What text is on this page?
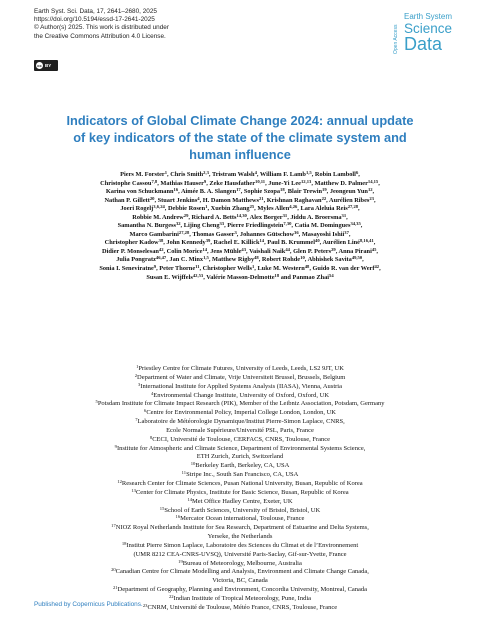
Earth Syst. Sci. Data, 17, 2641–2680, 2025
https://doi.org/10.5194/essd-17-2641-2025
© Author(s) 2025. This work is distributed under
the Creative Commons Attribution 4.0 License.
cc BY
Open Access
Earth System
Science
Data
Indicators of Global Climate Change 2024: annual update
of key indicators of the state of the climate system and
human influence
Piers M. Forster$^1$, Chris Smith$^{2,3}$, Tristram Walsh$^4$, William F. Lamb$^{1,5}$, Robin Lamboll$^6$,
Christophe Cassou$^{7,8}$, Mathias Hauser$^9$, Zeke Hausfather$^{10,11}$, June-Yi Lee$^{12,13}$, Matthew D. Palmer$^{14,15}$,
Karina von Schuckmann$^{16}$, Aimée B. A. Slangen$^{17}$, Sophie Szopa$^{18}$, Blair Trewin$^{19}$, Jeongeun Yun$^{12}$,
Nathan P. Gillett$^{20}$, Stuart Jenkins$^4$, H. Damon Matthews$^{21}$, Krishnan Raghavan$^{22}$, Aurélien Ribes$^{23}$,
Joeri Rogelj$^{3,6,24}$, Debbie Rosen$^1$, Xuebin Zhang$^{25}$, Myles Allen$^{4,26}$, Lara Aleluia Reis$^{27,28}$,
Robbie M. Andrew$^{29}$, Richard A. Betts$^{14,30}$, Alex Borger$^{31}$, Jiddu A. Broersma$^{31}$,
Samantha N. Burgess$^{32}$, Lijing Cheng$^{33}$, Pierre Friedlingstein$^{7,30}$, Catia M. Domingues$^{34,35}$,
Marco Gambarini$^{27,28}$, Thomas Gasser$^3$, Johannes Gütschow$^{36}$, Masayoshi Ishii$^{37}$,
Christopher Kadow$^{38}$, John Kennedy$^{39}$, Rachel E. Killick$^{14}$, Paul B. Krummel$^{40}$, Aurélien Liné$^{8,16,41}$,
Didier P. Monselesan$^{42}$, Colin Morice$^{14}$, Jens Mühle$^{43}$, Vaishali Naik$^{44}$, Glen P. Peters$^{29}$, Anna Pirani$^{45}$,
Julia Pongratz$^{46,47}$, Jan C. Minx$^{1,5}$, Matthew Rigby$^{48}$, Robert Rohde$^{10}$, Abhishek Savita$^{49,50}$,
Sonia I. Seneviratne$^9$, Peter Thorne$^{11}$, Christopher Wells$^1$, Luke M. Western$^{48}$, Guido R. van der Werf$^{42}$,
Susan E. Wijffels$^{42,53}$, Valérie Masson-Delmotte$^{18}$ and Panmao Zhai$^{54}$
$^1$Priestley Centre for Climate Futures, University of Leeds, Leeds, LS2 9JT, UK
$^2$Department of Water and Climate, Vrije Universiteit Brussel, Brussels, Belgium
$^3$International Institute for Applied Systems Analysis (IIASA), Vienna, Austria
$^4$Environmental Change Institute, University of Oxford, Oxford, UK
$^5$Potsdam Institute for Climate Impact Research (PIK), Member of the Leibniz Association, Potsdam, Germany
$^6$Centre for Environmental Policy, Imperial College London, London, UK
$^7$Laboratoire de Météorologie Dynamique/Institut Pierre-Simon Laplace, CNRS,
Ecole Normale Supérieure/Université PSL, Paris, France
$^8$CECI, Université de Toulouse, CERFACS, CNRS, Toulouse, France
$^9$Institute for Atmospheric and Climate Science, Department of Environmental Systems Science,
ETH Zurich, Zurich, Switzerland
$^{10}$Berkeley Earth, Berkeley, CA, USA
$^{11}$Stripe Inc., South San Francisco, CA, USA
$^{12}$Research Center for Climate Sciences, Pusan National University, Busan, Republic of Korea
$^{13}$Center for Climate Physics, Institute for Basic Science, Busan, Republic of Korea
$^{14}$Met Office Hadley Centre, Exeter, UK
$^{15}$School of Earth Sciences, University of Bristol, Bristol, UK
$^{16}$Mercator Ocean international, Toulouse, France
$^{17}$NIOZ Royal Netherlands Institute for Sea Research, Department of Estuarine and Delta Systems,
Yerseke, the Netherlands
$^{18}$Institut Pierre Simon Laplace, Laboratoire des Sciences du Climat et de l’Environnement
(UMR 8212 CEA-CNRS-UVSQ), Université Paris-Saclay, Gif-sur-Yvette, France
$^{19}$Bureau of Meteorology, Melbourne, Australia
$^{20}$Canadian Centre for Climate Modelling and Analysis, Environment and Climate Change Canada,
Victoria, BC, Canada
$^{21}$Department of Geography, Planning and Environment, Concordia University, Montreal, Canada
$^{22}$Indian Institute of Tropical Meteorology, Pune, India
$^{23}$CNRM, Université de Toulouse, Météo France, CNRS, Toulouse, France
Published by Copernicus Publications.
